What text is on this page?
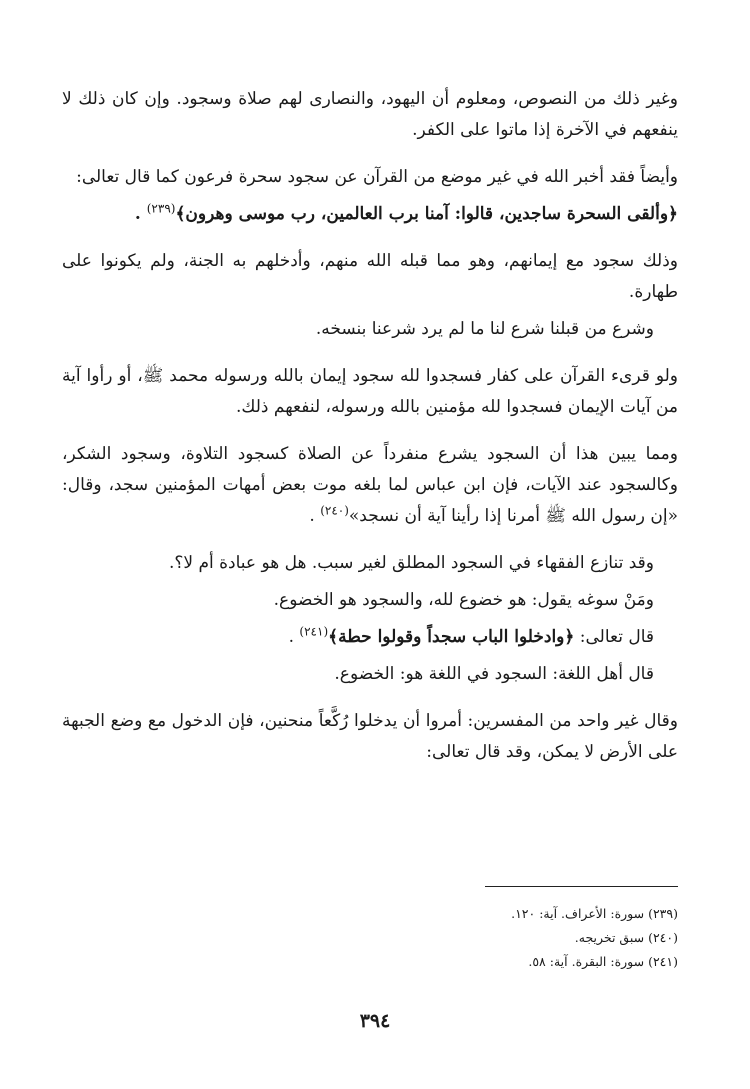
وغير ذلك من النصوص، ومعلوم أن اليهود، والنصارى لهم صلاة وسجود. وإن كان ذلك لا ينفعهم في الآخرة إذا ماتوا على الكفر.

وأيضاً فقد أخبر الله في غير موضع من القرآن عن سجود سحرة فرعون كما قال تعالى:

﴿وألقى السحرة ساجدين، قالوا: آمنا برب العالمين، رب موسى وهرون﴾$^{(٢٣٩)}$ .

وذلك سجود مع إيمانهم، وهو مما قبله الله منهم، وأدخلهم به الجنة، ولم يكونوا على طهارة.

وشرع من قبلنا شرع لنا ما لم يرد شرعنا بنسخه.

ولو قرىء القرآن على كفار فسجدوا لله سجود إيمان بالله ورسوله محمد ﷺ، أو رأوا آية من آيات الإيمان فسجدوا لله مؤمنين بالله ورسوله، لنفعهم ذلك.

ومما يبين هذا أن السجود يشرع منفرداً عن الصلاة كسجود التلاوة، وسجود الشكر، وكالسجود عند الآيات، فإن ابن عباس لما بلغه موت بعض أمهات المؤمنين سجد، وقال: «إن رسول الله ﷺ أمرنا إذا رأينا آية أن نسجد»$^{(٢٤٠)}$ .

وقد تنازع الفقهاء في السجود المطلق لغير سبب. هل هو عبادة أم لا؟.

ومَنْ سوغه يقول: هو خضوع لله، والسجود هو الخضوع.

قال تعالى: ﴿وادخلوا الباب سجداً وقولوا حطة﴾$^{(٢٤١)}$ .

قال أهل اللغة: السجود في اللغة هو: الخضوع.

وقال غير واحد من المفسرين: أمروا أن يدخلوا رُكَّعاً منحنين، فإن الدخول مع وضع الجبهة على الأرض لا يمكن، وقد قال تعالى:

(٢٣٩) سورة: الأعراف. آية: ١٢٠.
(٢٤٠) سبق تخريجه.
(٢٤١) سورة: البقرة. آية: ٥٨.
٣٩٤
